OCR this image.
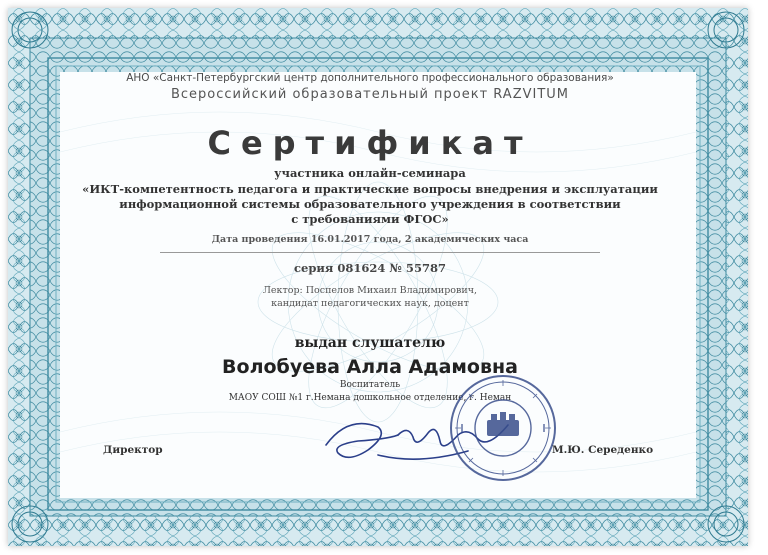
АНО «Санкт-Петербургский центр дополнительного профессионального образования»
Всероссийский образовательный проект RAZVITUM
Сертификат
участника онлайн-семинара
«ИКТ-компетентность педагога и практические вопросы внедрения и эксплуатации
информационной системы образовательного учреждения в соответствии
с требованиями ФГОС»
Дата проведения 16.01.2017 года, 2 академических часа
серия 081624 № 55787
Лектор: Поспелов Михаил Владимирович,
кандидат педагогических наук, доцент
выдан слушателю
Волобуева Алла Адамовна
Воспитатель
МАОУ СОШ №1 г.Немана дошкольное отделение, г. Неман
Директор	М.Ю. Середенко
